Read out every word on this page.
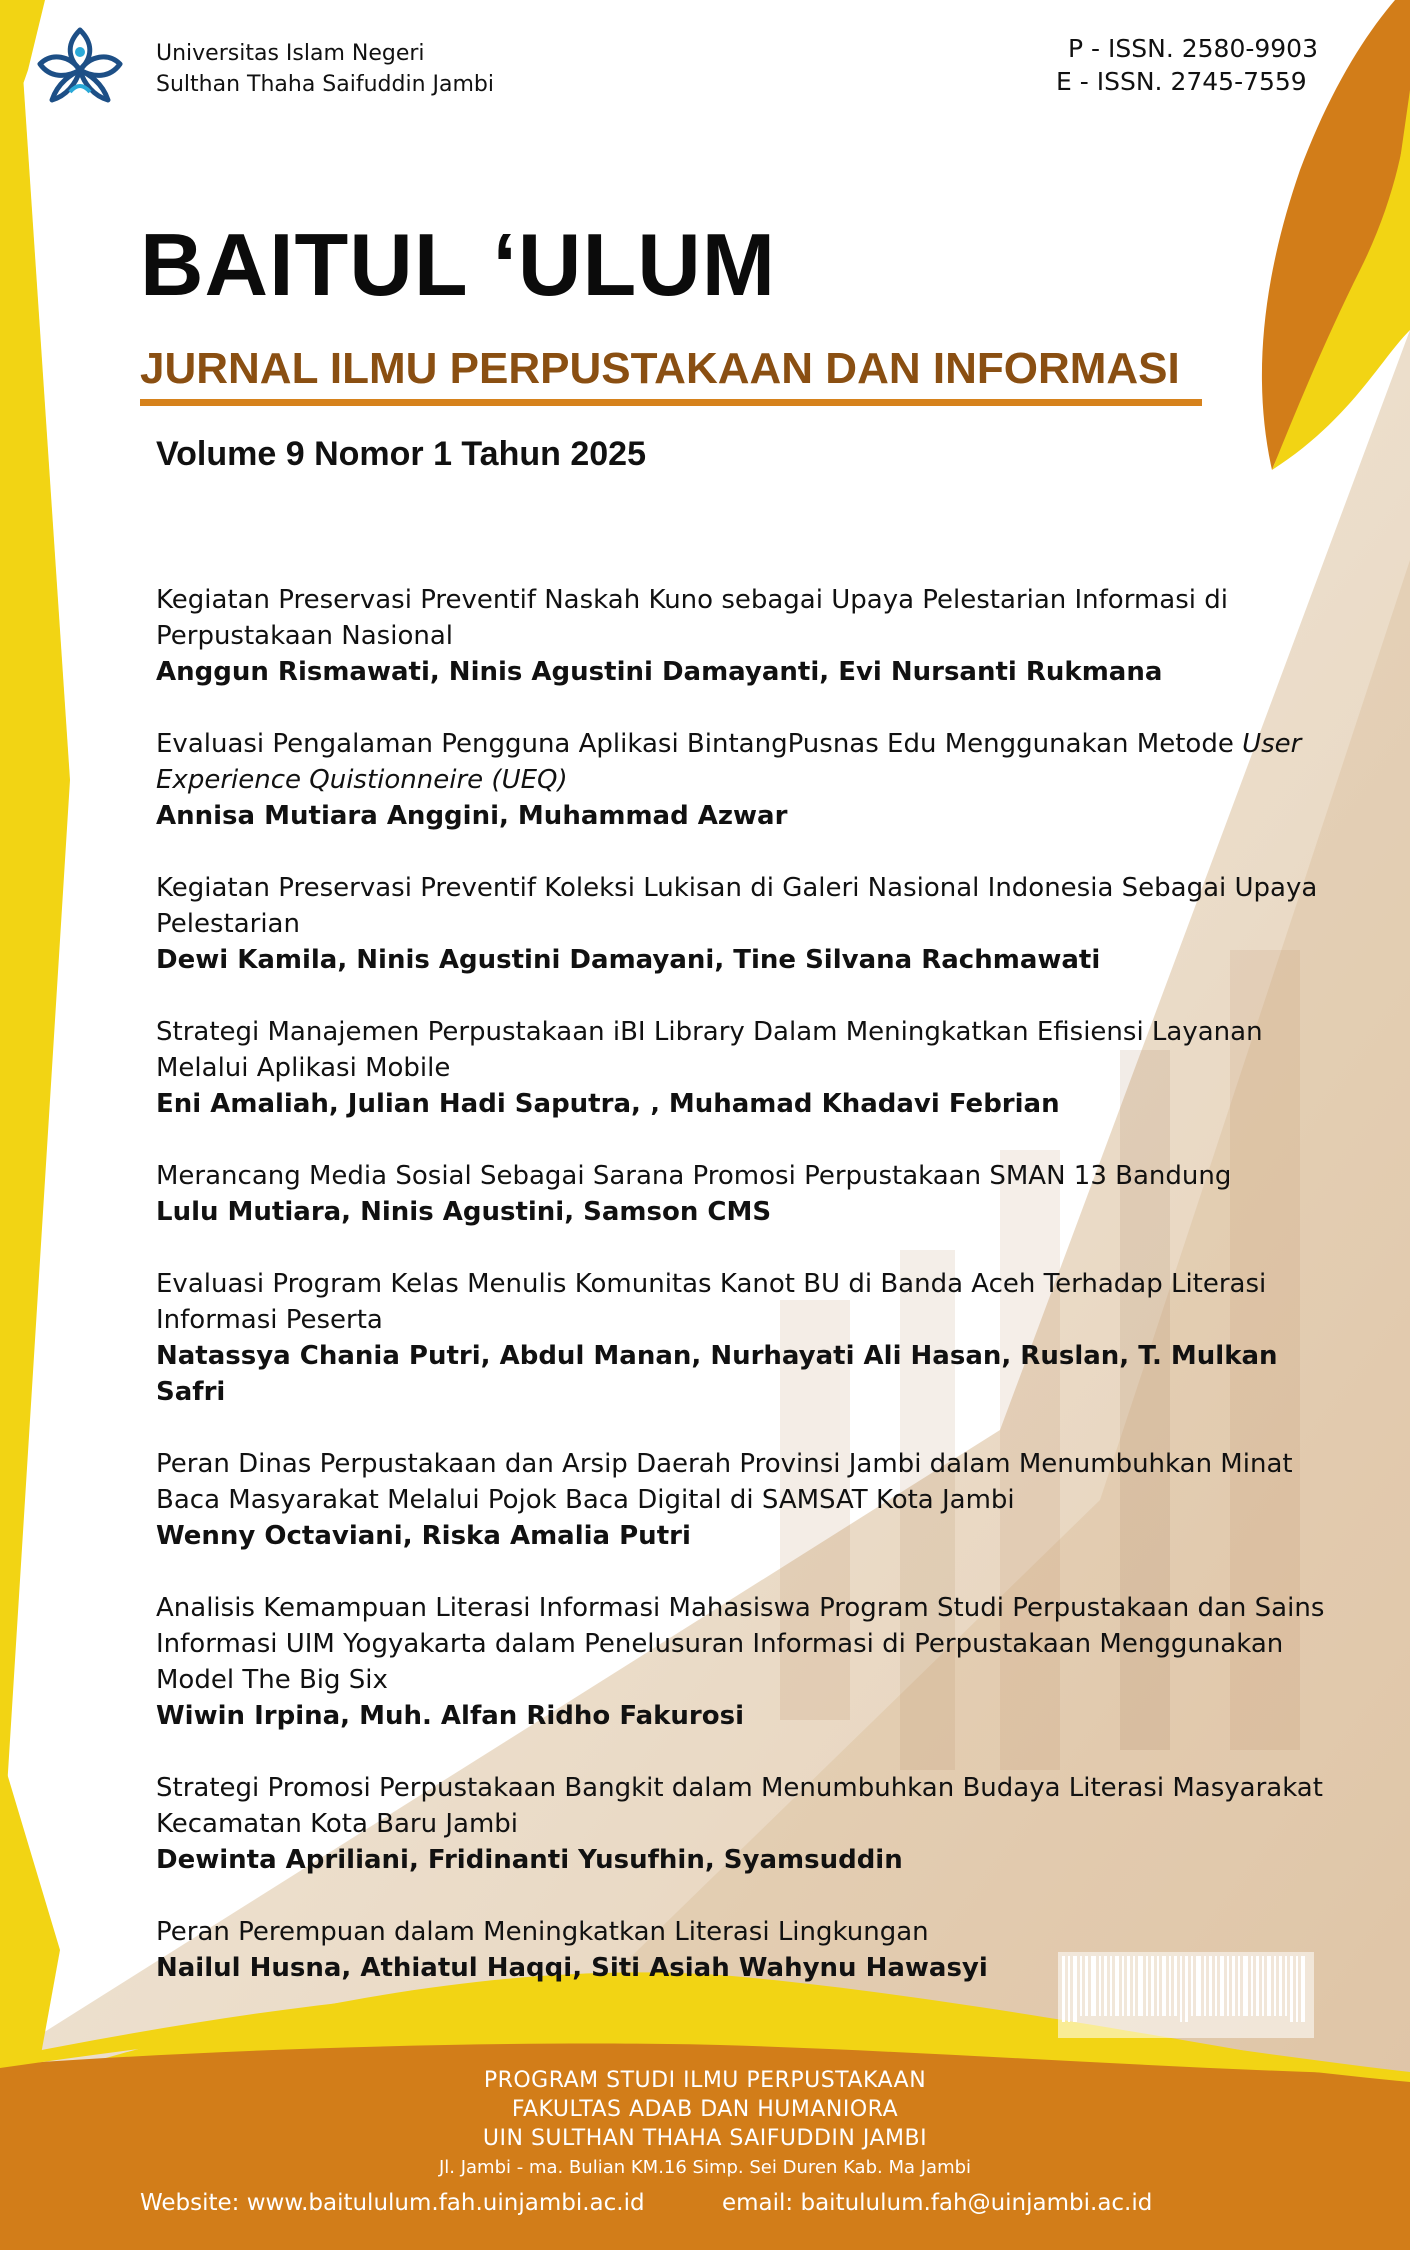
Universitas Islam Negeri
Sulthan Thaha Saifuddin Jambi
P - ISSN. 2580-9903
E - ISSN. 2745-7559
BAITUL ‘ULUM
JURNAL ILMU PERPUSTAKAAN DAN INFORMASI
Volume 9 Nomor 1 Tahun 2025
Kegiatan Preservasi Preventif Naskah Kuno sebagai Upaya Pelestarian Informasi di Perpustakaan Nasional
Anggun Rismawati, Ninis Agustini Damayanti, Evi Nursanti Rukmana
Evaluasi Pengalaman Pengguna Aplikasi BintangPusnas Edu Menggunakan Metode User Experience Quistionneire (UEQ)
Annisa Mutiara Anggini, Muhammad Azwar
Kegiatan Preservasi Preventif Koleksi Lukisan di Galeri Nasional Indonesia Sebagai Upaya Pelestarian
Dewi Kamila, Ninis Agustini Damayani, Tine Silvana Rachmawati
Strategi Manajemen Perpustakaan iBI Library Dalam Meningkatkan Efisiensi Layanan Melalui Aplikasi Mobile
Eni Amaliah, Julian Hadi Saputra, ‚ Muhamad Khadavi Febrian
Merancang Media Sosial Sebagai Sarana Promosi Perpustakaan SMAN 13 Bandung
Lulu Mutiara, Ninis Agustini, Samson CMS
Evaluasi Program Kelas Menulis Komunitas Kanot BU di Banda Aceh Terhadap Literasi Informasi Peserta
Natassya Chania Putri, Abdul Manan, Nurhayati Ali Hasan, Ruslan, T. Mulkan Safri
Peran Dinas Perpustakaan dan Arsip Daerah Provinsi Jambi dalam Menumbuhkan Minat Baca Masyarakat Melalui Pojok Baca Digital di SAMSAT Kota Jambi
Wenny Octaviani, Riska Amalia Putri
Analisis Kemampuan Literasi Informasi Mahasiswa Program Studi Perpustakaan dan Sains Informasi UIM Yogyakarta dalam Penelusuran Informasi di Perpustakaan Menggunakan Model The Big Six
Wiwin Irpina, Muh. Alfan Ridho Fakurosi
Strategi Promosi Perpustakaan Bangkit dalam Menumbuhkan Budaya Literasi Masyarakat Kecamatan Kota Baru Jambi
Dewinta Apriliani, Fridinanti Yusufhin, Syamsuddin
Peran Perempuan dalam Meningkatkan Literasi Lingkungan
Nailul Husna, Athiatul Haqqi, Siti Asiah Wahynu Hawasyi
PROGRAM STUDI ILMU PERPUSTAKAAN
FAKULTAS ADAB DAN HUMANIORA
UIN SULTHAN THAHA SAIFUDDIN JAMBI
Jl. Jambi - ma. Bulian KM.16 Simp. Sei Duren Kab. Ma Jambi
Website: www.baitululum.fah.uinjambi.ac.id	email: baitululum.fah@uinjambi.ac.id
